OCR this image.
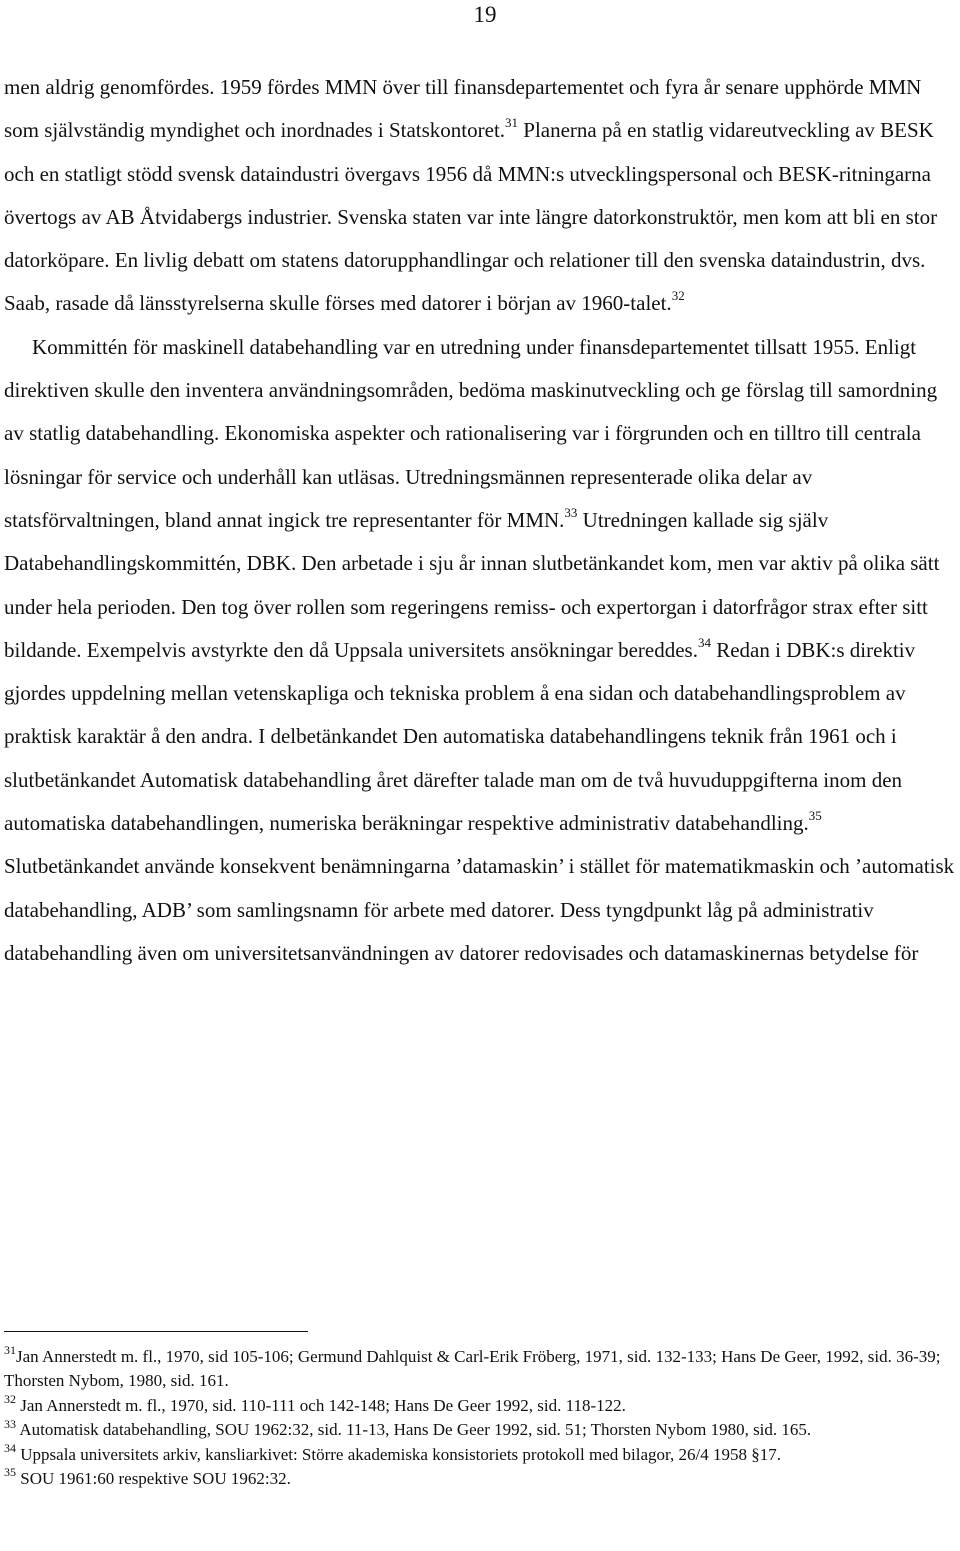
19

men aldrig genomfördes. 1959 fördes MMN över till finansdepartementet och fyra år senare upphörde MMN som självständig myndighet och inordnades i Statskontoret.$^{31}$ Planerna på en statlig vidareutveckling av BESK och en statligt stödd svensk dataindustri övergavs 1956 då MMN:s utvecklingspersonal och BESK-ritningarna övertogs av AB Åtvidabergs industrier. Svenska staten var inte längre datorkonstruktör, men kom att bli en stor datorköpare. En livlig debatt om statens datorupphandlingar och relationer till den svenska dataindustrin, dvs. Saab, rasade då länsstyrelserna skulle förses med datorer i början av 1960-talet.$^{32}$

Kommittén för maskinell databehandling var en utredning under finansdepartementet tillsatt 1955. Enligt direktiven skulle den inventera användningsområden, bedöma maskinutveckling och ge förslag till samordning av statlig databehandling. Ekonomiska aspekter och rationalisering var i förgrunden och en tilltro till centrala lösningar för service och underhåll kan utläsas. Utredningsmännen representerade olika delar av statsförvaltningen, bland annat ingick tre representanter för MMN.$^{33}$ Utredningen kallade sig själv Databehandlingskommittén, DBK. Den arbetade i sju år innan slutbetänkandet kom, men var aktiv på olika sätt under hela perioden. Den tog över rollen som regeringens remiss- och expertorgan i datorfrågor strax efter sitt bildande. Exempelvis avstyrkte den då Uppsala universitets ansökningar bereddes.$^{34}$ Redan i DBK:s direktiv gjordes uppdelning mellan vetenskapliga och tekniska problem å ena sidan och databehandlingsproblem av praktisk karaktär å den andra. I delbetänkandet Den automatiska databehandlingens teknik från 1961 och i slutbetänkandet Automatisk databehandling året därefter talade man om de två huvuduppgifterna inom den automatiska databehandlingen, numeriska beräkningar respektive administrativ databehandling.$^{35}$ Slutbetänkandet använde konsekvent benämningarna ’datamaskin’ i stället för matematikmaskin och ’automatisk databehandling, ADB’ som samlingsnamn för arbete med datorer. Dess tyngdpunkt låg på administrativ databehandling även om universitetsanvändningen av datorer redovisades och datamaskinernas betydelse för

$^{31}$Jan Annerstedt m. fl., 1970, sid 105-106; Germund Dahlquist & Carl-Erik Fröberg, 1971, sid. 132-133; Hans De Geer, 1992, sid. 36-39; Thorsten Nybom, 1980, sid. 161.

$^{32}$ Jan Annerstedt m. fl., 1970, sid. 110-111 och 142-148; Hans De Geer 1992, sid. 118-122.

$^{33}$ Automatisk databehandling, SOU 1962:32, sid. 11-13, Hans De Geer 1992, sid. 51; Thorsten Nybom 1980, sid. 165.

$^{34}$ Uppsala universitets arkiv, kansliarkivet: Större akademiska konsistoriets protokoll med bilagor, 26/4 1958 §17.

$^{35}$ SOU 1961:60 respektive SOU 1962:32.
